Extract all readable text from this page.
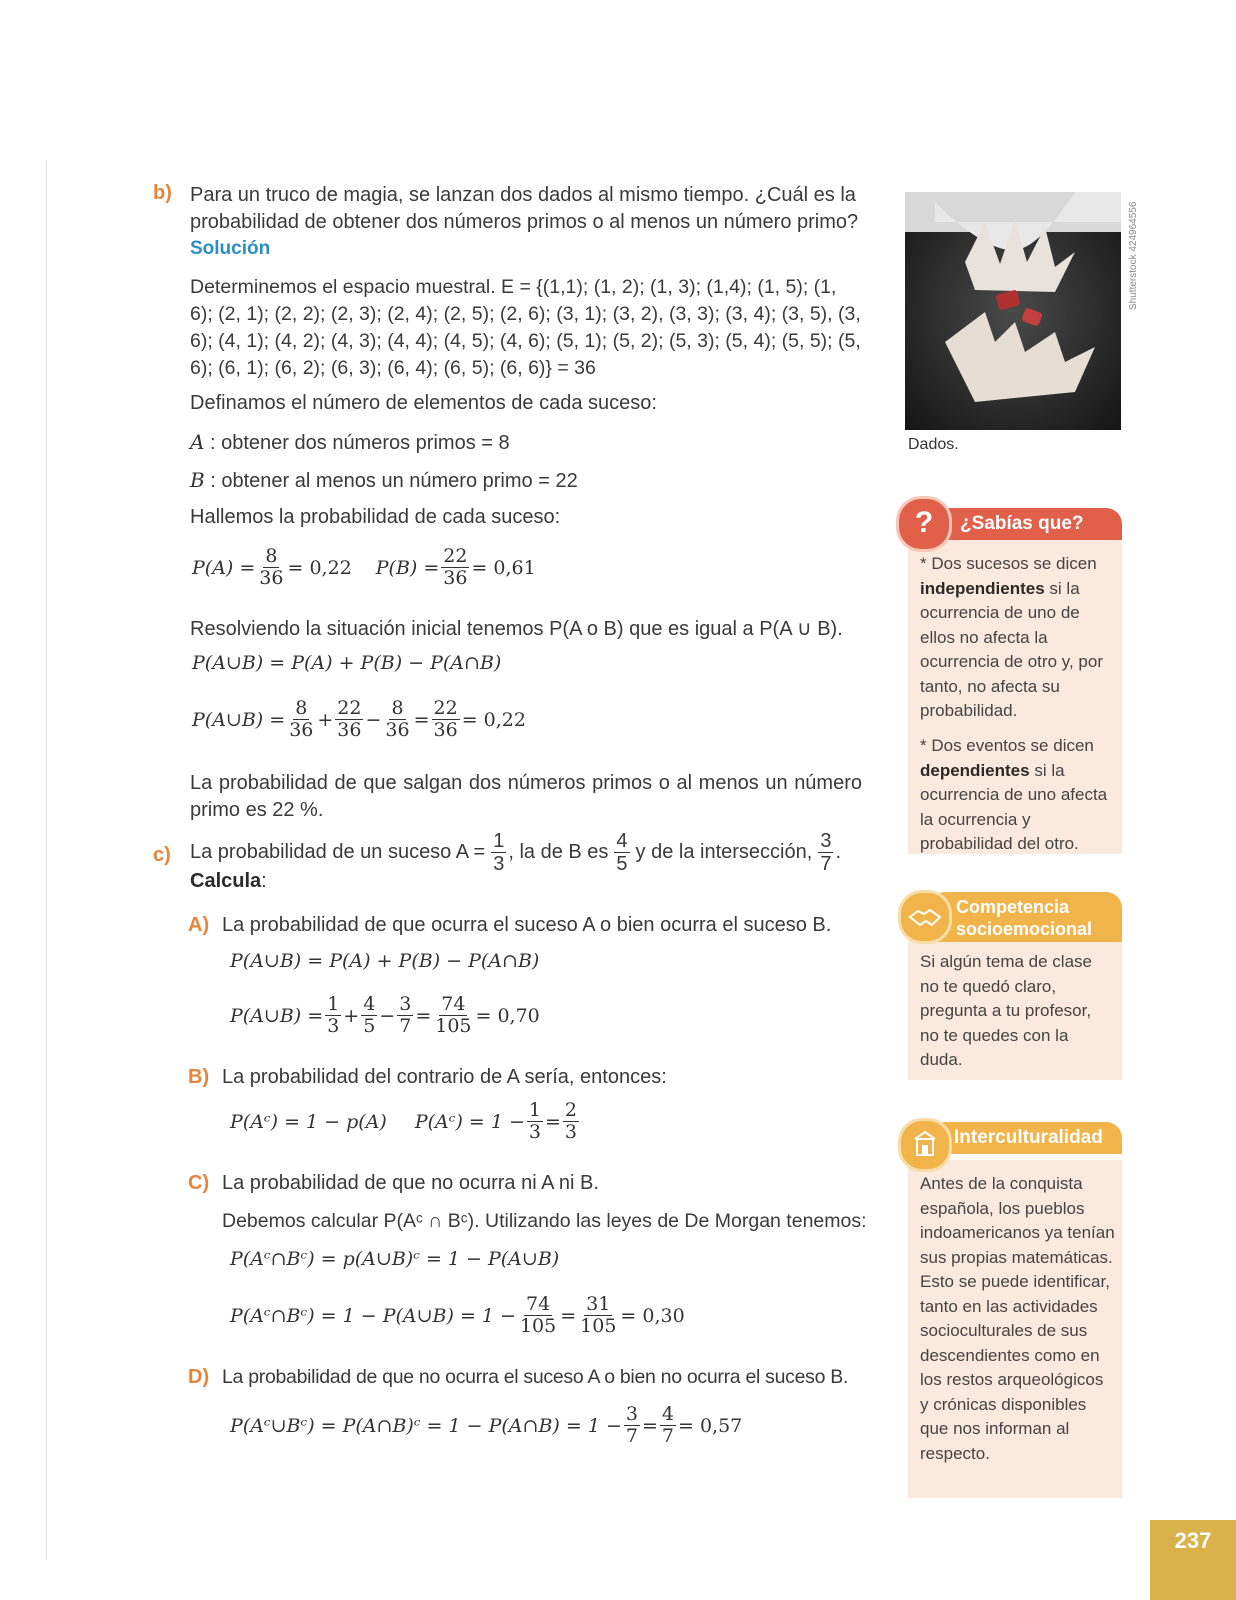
b) Para un truco de magia, se lanzan dos dados al mismo tiempo. ¿Cuál es la probabilidad de obtener dos números primos o al menos un número primo?
Solución
Determinemos el espacio muestral. E = {(1,1); (1, 2); (1, 3); (1,4); (1, 5); (1, 6); (2, 1); (2, 2); (2, 3); (2, 4); (2, 5); (2, 6); (3, 1); (3, 2), (3, 3); (3, 4); (3, 5), (3, 6); (4, 1); (4, 2); (4, 3); (4, 4); (4, 5); (4, 6); (5, 1); (5, 2); (5, 3); (5, 4); (5, 5); (5, 6); (6, 1); (6, 2); (6, 3); (6, 4); (6, 5); (6, 6)} = 36
Definamos el número de elementos de cada suceso:
A : obtener dos números primos = 8
B : obtener al menos un número primo = 22
Hallemos la probabilidad de cada suceso:
$P(A) = \frac{8}{36} = 0,22$ $P(B) = \frac{22}{36} = 0,61$
Resolviendo la situación inicial tenemos P(A o B) que es igual a P(A ∪ B).
P(A∪B) = P(A) + P(B) − P(A∩B)
P(A∪B) = $\frac{8}{36} + \frac{22}{36} - \frac{8}{36} = \frac{22}{36} = 0,22$
La probabilidad de que salgan dos números primos o al menos un número primo es 22 %.
c) La probabilidad de un suceso $A = \frac{1}{3}$ , la de B es $\frac{4}{5}$ y de la intersección, $\frac{3}{7}$ .
Calcula:
A) La probabilidad de que ocurra el suceso A o bien ocurra el suceso B.
P(A∪B) = P(A) + P(B) − P(A∩B)
P(A∪B) = $\frac{1}{3} + \frac{4}{5} - \frac{3}{7} = \frac{74}{105} = 0,70$
B) La probabilidad del contrario de A sería, entonces:
P(Aᶜ) = 1 − p(A) P(Aᶜ) = $1 - \frac{1}{3} = \frac{2}{3}$
C) La probabilidad de que no ocurra ni A ni B.
Debemos calcular P(Aᶜ ∩ Bᶜ). Utilizando las leyes de De Morgan tenemos:
P(Aᶜ∩Bᶜ) = p(A∪B)ᶜ = 1 − P(A∪B)
P(Aᶜ∩Bᶜ) = 1 − P(A∪B) = $1 - \frac{74}{105} = \frac{31}{105} = 0,30$
D) La probabilidad de que no ocurra el suceso A o bien no ocurra el suceso B.
P(Aᶜ∪Bᶜ) = P(A∩B)ᶜ = 1 − P(A∩B) = $1 - \frac{3}{7} = \frac{4}{7} = 0,57$
Shutterstock 424964556
Dados.
¿Sabías que?
?
* Dos sucesos se dicen independientes si la ocurrencia de uno de ellos no afecta la ocurrencia de otro y, por tanto, no afecta su probabilidad.
* Dos eventos se dicen dependientes si la ocurrencia de uno afecta la ocurrencia y probabilidad del otro.
Competencia
socioemocional
Si algún tema de clase no te quedó claro, pregunta a tu profesor, no te quedes con la duda.
Interculturalidad
Antes de la conquista española, los pueblos indoamericanos ya tenían sus propias matemáticas. Esto se puede identificar, tanto en las actividades socioculturales de sus descendientes como en los restos arqueológicos y crónicas disponibles que nos informan al respecto.
237
